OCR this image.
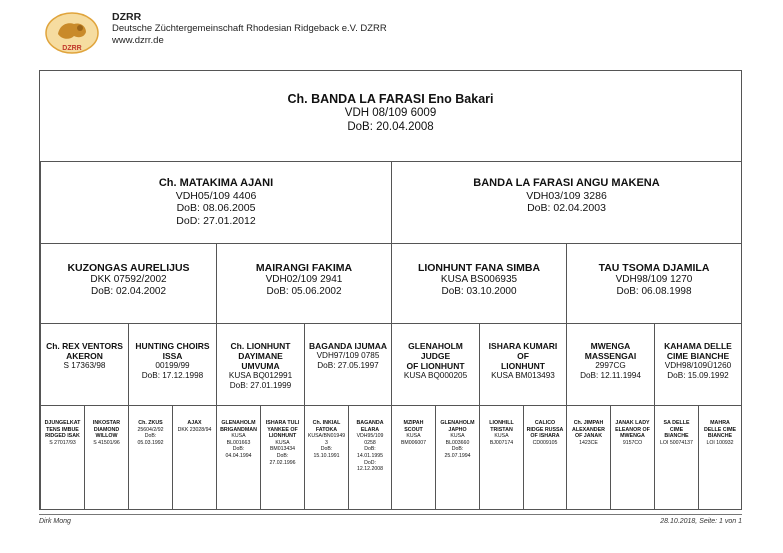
DZRR
DZRR
Deutsche Züchtergemeinschaft Rhodesian Ridgeback e.V. DZRR
www.dzrr.de
Ch. BANDA LA FARASI Eno Bakari
VDH 08/109 6009
DoB: 20.04.2008
Ch. MATAKIMA AJANI
VDH05/109 4406
DoB: 08.06.2005
DoD: 27.01.2012
BANDA LA FARASI ANGU MAKENA
VDH03/109 3286
DoB: 02.04.2003
KUZONGAS AURELIJUS
DKK 07592/2002
DoB: 02.04.2002
MAIRANGI FAKIMA
VDH02/109 2941
DoB: 05.06.2002
LIONHUNT FANA SIMBA
KUSA BS006935
DoB: 03.10.2000
TAU TSOMA DJAMILA
VDH98/109 1270
DoB: 06.08.1998
Ch. REX VENTORS
AKERON
S 17363/98
HUNTING CHOIRS
ISSA
00199/99
DoB: 17.12.1998
Ch. LIONHUNT
DAYIMANE UMVUMA
KUSA BQ012991
DoB: 27.01.1999
BAGANDA IJUMAA
VDH97/109 0785
DoB: 27.05.1997
GLENAHOLM JUDGE
OF LIONHUNT
KUSA BQ000205
ISHARA KUMARI OF
LIONHUNT
KUSA BM013493
MWENGA
MASSENGAI
2997CG
DoB: 12.11.1994
KAHAMA DELLE
CIME BIANCHE
VDH98/109Ü1260
DoB: 15.09.1992
DJUNGELKAT
TENS IMBUE
RIDGED ISAK
S 27017/93
INKOSTAR
DIAMOND
WILLOW
S 41501/96
Ch. ZKUS
25604/2/92
DoB:
05.03.1992
AJAX
DKK 23028/94
GLENAHOLM
BRIGANDMAN
KUSA
BL001663
DoB:
04.04.1994
ISHARA TULI
YANKEE OF
LIONHUNT
KUSA
BM013434
DoB:
27.02.1996
Ch. INKIAL
FATOKA
KUSA/BN01949
3
DoB:
15.10.1991
BAGANDA
ELARA
VDH95/109
0258
DoB:
14.01.1995
DoD:
12.12.2008
MZIPAH
SCOUT
KUSA
BM006007
GLENAHOLM
JAPHO
KUSA
BL003660
DoB:
25.07.1994
LIONHILL
TRISTAN
KUSA
BJ007174
CALICO
RIDGE RUSSA
OF ISHARA
CD009105
Ch. JIMPAH
ALEXANDER
OF JANAK
1423CE
JANAK LADY
ELEANOR OF
MWENGA
9157CO
SA DELLE
CIME
BIANCHE
LOI 50074137
MAHRA
DELLE CIME
BIANCHE
LOI 100932
Dirk Mong	28.10.2018, Seite: 1 von 1
